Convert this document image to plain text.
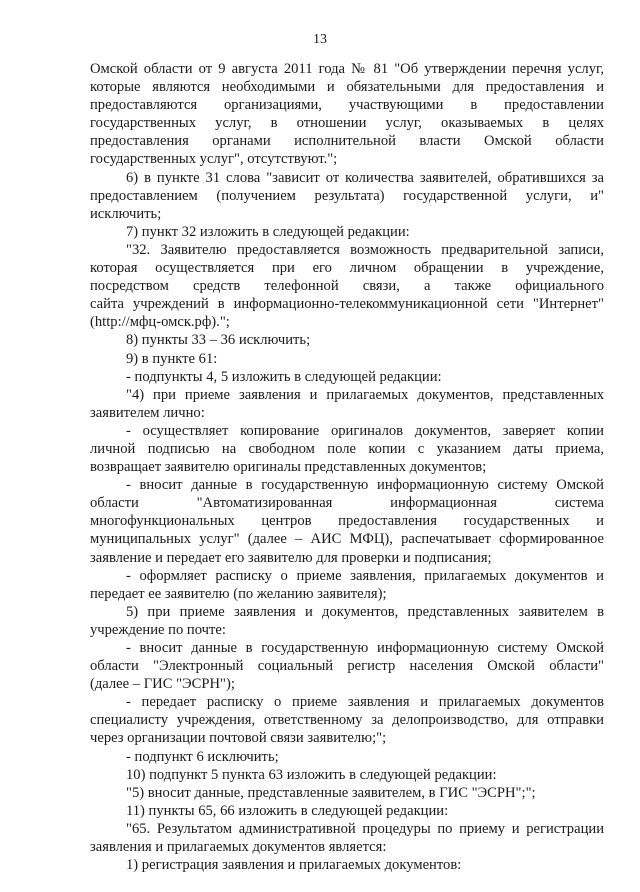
13
Омской области от 9 августа 2011 года № 81 "Об утверждении перечня услуг,
которые являются необходимыми и обязательными для предоставления и
предоставляются организациями, участвующими в предоставлении
государственных услуг, в отношении услуг, оказываемых в целях
предоставления органами исполнительной власти Омской области
государственных услуг", отсутствуют.";
6) в пункте 31 слова "зависит от количества заявителей, обратившихся за
предоставлением (получением результата) государственной услуги, и"
исключить;
7) пункт 32 изложить в следующей редакции:
"32. Заявителю предоставляется возможность предварительной записи,
которая осуществляется при его личном обращении в учреждение,
посредством средств телефонной связи, а также официального
сайта учреждений в информационно-телекоммуникационной сети "Интернет"
(http://мфц-омск.рф).";
8) пункты 33 – 36 исключить;
9) в пункте 61:
- подпункты 4, 5 изложить в следующей редакции:
"4) при приеме заявления и прилагаемых документов, представленных
заявителем лично:
- осуществляет копирование оригиналов документов, заверяет копии
личной подписью на свободном поле копии с указанием даты приема,
возвращает заявителю оригиналы представленных документов;
- вносит данные в государственную информационную систему Омской
области "Автоматизированная информационная система
многофункциональных центров предоставления государственных и
муниципальных услуг" (далее – АИС МФЦ), распечатывает сформированное
заявление и передает его заявителю для проверки и подписания;
- оформляет расписку о приеме заявления, прилагаемых документов и
передает ее заявителю (по желанию заявителя);
5) при приеме заявления и документов, представленных заявителем в
учреждение по почте:
- вносит данные в государственную информационную систему Омской
области "Электронный социальный регистр населения Омской области"
(далее – ГИС "ЭСРН");
- передает расписку о приеме заявления и прилагаемых документов
специалисту учреждения, ответственному за делопроизводство, для отправки
через организации почтовой связи заявителю;";
- подпункт 6 исключить;
10) подпункт 5 пункта 63 изложить в следующей редакции:
"5) вносит данные, представленные заявителем, в ГИС "ЭСРН";";
11) пункты 65, 66 изложить в следующей редакции:
"65. Результатом административной процедуры по приему и регистрации
заявления и прилагаемых документов является:
1) регистрация заявления и прилагаемых документов:
